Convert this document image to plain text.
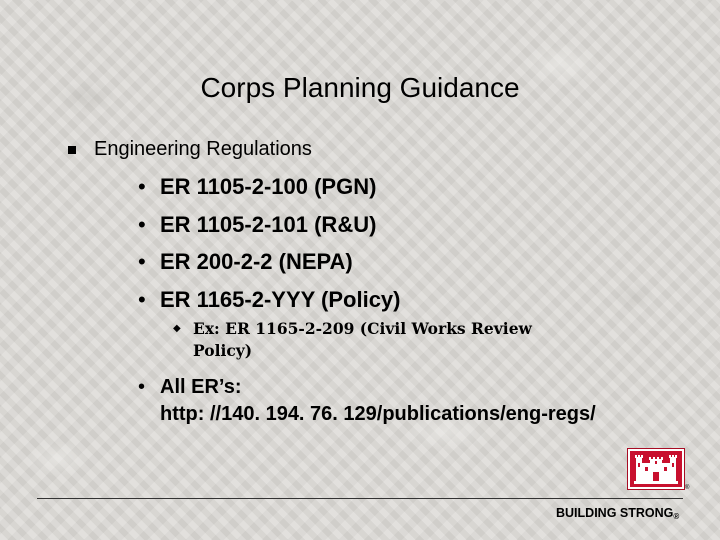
Corps Planning Guidance
Engineering Regulations
• ER 1105-2-100 (PGN)
• ER 1105-2-101 (R&U)
• ER 200-2-2 (NEPA)
• ER 1165-2-YYY (Policy)
◆ Ex: ER 1165-2-209 (Civil Works Review
Policy)
• All ER’s:
http: //140. 194. 76. 129/publications/eng-regs/
®
BUILDING STRONG®
